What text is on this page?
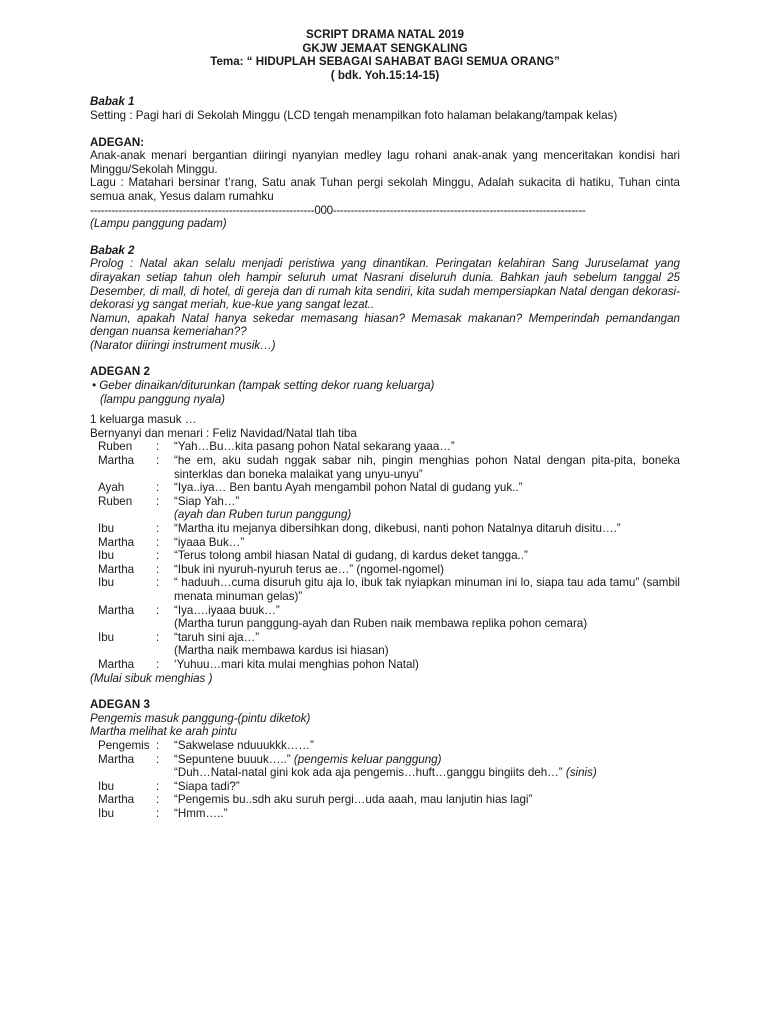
SCRIPT DRAMA NATAL 2019
GKJW JEMAAT SENGKALING
Tema: “ HIDUPLAH SEBAGAI SAHABAT BAGI SEMUA ORANG”
( bdk. Yoh.15:14-15)
Babak 1
Setting : Pagi hari di Sekolah Minggu (LCD tengah menampilkan foto halaman belakang/tampak kelas)
ADEGAN:
Anak-anak menari bergantian diiringi nyanyian medley lagu rohani anak-anak yang menceritakan kondisi hari Minggu/Sekolah Minggu.
Lagu : Matahari bersinar t’rang, Satu anak Tuhan pergi sekolah Minggu, Adalah sukacita di hatiku, Tuhan cinta semua anak, Yesus dalam rumahku
---------------------------------------------------------------000-----------------------------------------------------------------------
(Lampu panggung padam)
Babak 2
Prolog : Natal akan selalu menjadi peristiwa yang dinantikan. Peringatan kelahiran Sang Juruselamat yang dirayakan setiap tahun oleh hampir seluruh umat Nasrani diseluruh dunia. Bahkan jauh sebelum tanggal 25 Desember, di mall, di hotel, di gereja dan di rumah kita sendiri, kita sudah mempersiapkan Natal dengan dekorasi-dekorasi yg sangat meriah, kue-kue yang sangat lezat..
Namun, apakah Natal hanya sekedar memasang hiasan? Memasak makanan? Memperindah pemandangan dengan nuansa kemeriahan??
(Narator diiringi instrument musik…)
ADEGAN 2
• Geber dinaikan/diturunkan (tampak setting dekor ruang keluarga)
(lampu panggung nyala)
1 keluarga masuk …
Bernyanyi dan menari : Feliz Navidad/Natal tlah tiba
Ruben	:	“Yah…Bu…kita pasang pohon Natal sekarang yaaa…”
Martha	:	“he em, aku sudah nggak sabar nih, pingin menghias pohon Natal dengan pita-pita, boneka sinterklas dan boneka malaikat yang unyu-unyu”
Ayah	:	“Iya..iya… Ben bantu Ayah mengambil pohon Natal di gudang yuk..”
Ruben	:	“Siap Yah…”
(ayah dan Ruben turun panggung)
Ibu	:	“Martha itu mejanya dibersihkan dong, dikebusi, nanti pohon Natalnya ditaruh disitu….”
Martha	:	“iyaaa Buk…”
Ibu	:	“Terus tolong ambil hiasan Natal di gudang, di kardus deket tangga..”
Martha	:	“Ibuk ini nyuruh-nyuruh terus ae…” (ngomel-ngomel)
Ibu	:	“ haduuh…cuma disuruh gitu aja lo, ibuk tak nyiapkan minuman ini lo, siapa tau ada tamu” (sambil menata minuman gelas)”
Martha	:	“Iya….iyaaa buuk…”
(Martha turun panggung-ayah dan Ruben naik membawa replika pohon cemara)
Ibu	:	“taruh sini aja…”
(Martha naik membawa kardus isi hiasan)
Martha	:	‘Yuhuu…mari kita mulai menghias pohon Natal)
(Mulai sibuk menghias )
ADEGAN 3
Pengemis masuk panggung-(pintu diketok)
Martha melihat ke arah pintu
Pengemis :	“Sakwelase nduuukkk……”
Martha	:	“Sepuntene buuuk…..” (pengemis keluar panggung)
“Duh…Natal-natal gini kok ada aja pengemis…huft…ganggu bingiits deh…” (sinis)
Ibu	:	“Siapa tadi?”
Martha	:	“Pengemis bu..sdh aku suruh pergi…uda aaah, mau lanjutin hias lagi”
Ibu	:	“Hmm…..”
